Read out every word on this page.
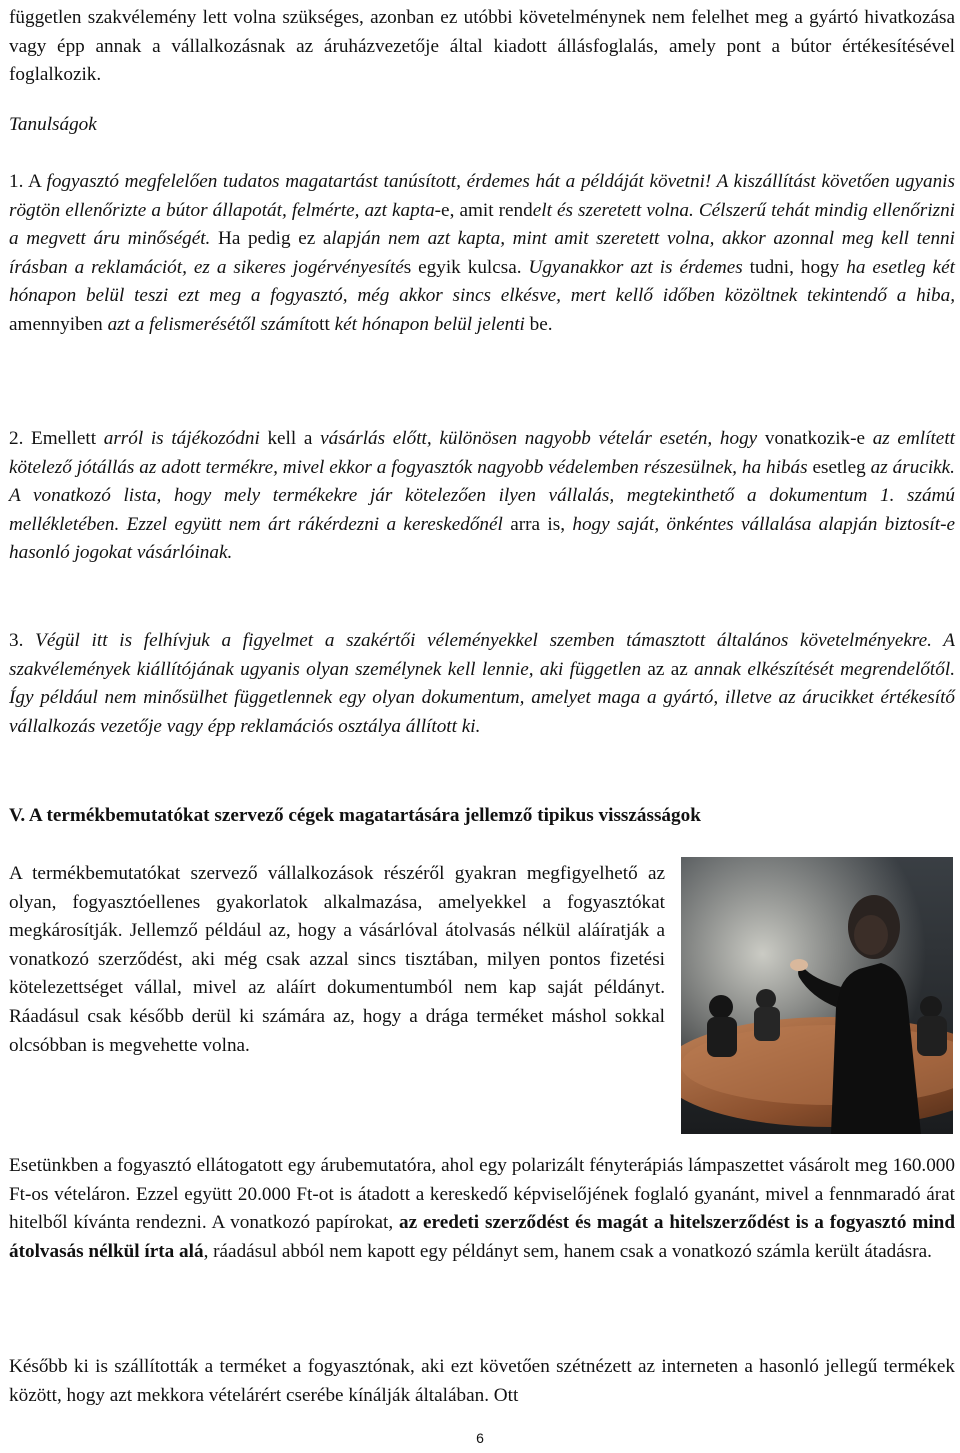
független szakvélemény lett volna szükséges, azonban ez utóbbi követelménynek nem felelhet meg a gyártó hivatkozása vagy épp annak a vállalkozásnak az áruházvezetője által kiadott állásfoglalás, amely pont a bútor értékesítésével foglalkozik.

Tanulságok

1. A fogyasztó megfelelően tudatos magatartást tanúsított, érdemes hát a példáját követni! A kiszállítást követően ugyanis rögtön ellenőrizte a bútor állapotát, felmérte, azt kapta-e, amit rendelt és szeretett volna. Célszerű tehát mindig ellenőrizni a megvett áru minőségét. Ha pedig ez alapján nem azt kapta, mint amit szeretett volna, akkor azonnal meg kell tenni írásban a reklamációt, ez a sikeres jogérvényesítés egyik kulcsa. Ugyanakkor azt is érdemes tudni, hogy ha esetleg két hónapon belül teszi ezt meg a fogyasztó, még akkor sincs elkésve, mert kellő időben közöltnek tekintendő a hiba, amennyiben azt a felismerésétől számított két hónapon belül jelenti be.

2. Emellett arról is tájékozódni kell a vásárlás előtt, különösen nagyobb vételár esetén, hogy vonatkozik-e az említett kötelező jótállás az adott termékre, mivel ekkor a fogyasztók nagyobb védelemben részesülnek, ha hibás esetleg az árucikk. A vonatkozó lista, hogy mely termékekre jár kötelezően ilyen vállalás, megtekinthető a dokumentum 1. számú mellékletében. Ezzel együtt nem árt rákérdezni a kereskedőnél arra is, hogy saját, önkéntes vállalása alapján biztosít-e hasonló jogokat vásárlóinak.

3. Végül itt is felhívjuk a figyelmet a szakértői véleményekkel szemben támasztott általános követelményekre. A szakvélemények kiállítójának ugyanis olyan személynek kell lennie, aki független az az annak elkészítését megrendelőtől. Így például nem minősülhet függetlennek egy olyan dokumentum, amelyet maga a gyártó, illetve az árucikket értékesítő vállalkozás vezetője vagy épp reklamációs osztálya állított ki.

V. A termékbemutatókat szervező cégek magatartására jellemző tipikus visszásságok

A termékbemutatókat szervező vállalkozások részéről gyakran megfigyelhető az olyan, fogyasztóellenes gyakorlatok alkalmazása, amelyekkel a fogyasztókat megkárosítják. Jellemző például az, hogy a vásárlóval átolvasás nélkül aláíratják a vonatkozó szerződést, aki még csak azzal sincs tisztában, milyen pontos fizetési kötelezettséget vállal, mivel az aláírt dokumentumból nem kap saját példányt. Ráadásul csak később derül ki számára az, hogy a drága terméket máshol sokkal olcsóbban is megvehette volna.

Esetünkben a fogyasztó ellátogatott egy árubemutatóra, ahol egy polarizált fényterápiás lámpaszettet vásárolt meg 160.000 Ft-os vételáron. Ezzel együtt 20.000 Ft-ot is átadott a kereskedő képviselőjének foglaló gyanánt, mivel a fennmaradó árat hitelből kívánta rendezni. A vonatkozó papírokat, az eredeti szerződést és magát a hitelszerződést is a fogyasztó mind átolvasás nélkül írta alá, ráadásul abból nem kapott egy példányt sem, hanem csak a vonatkozó számla került átadásra.

Később ki is szállították a terméket a fogyasztónak, aki ezt követően szétnézett az interneten a hasonló jellegű termékek között, hogy azt mekkora vételárért cserébe kínálják általában. Ott

6
